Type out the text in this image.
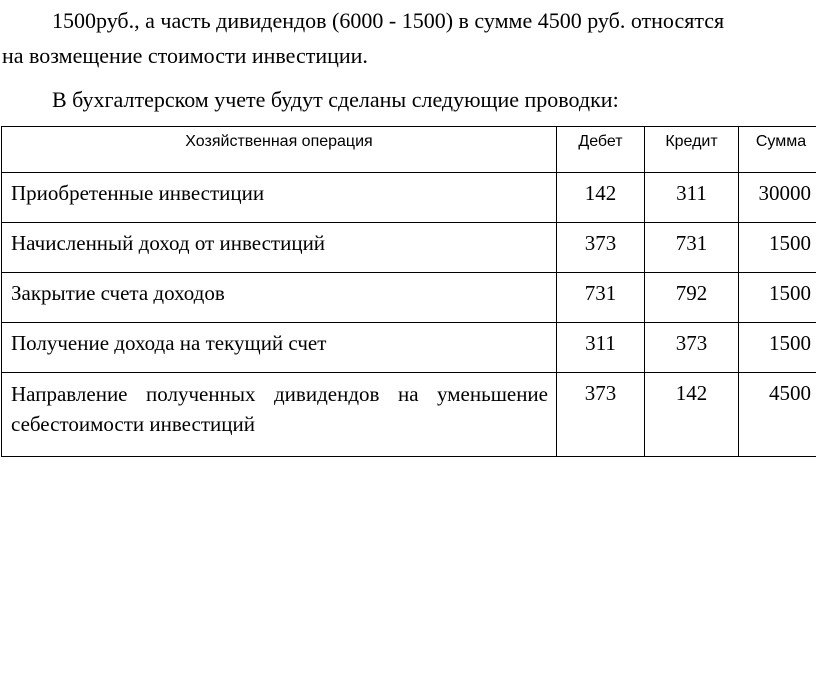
1500руб., а часть дивидендов (6000 - 1500) в сумме 4500 руб. относятся
на возмещение стоимости инвестиции.
В бухгалтерском учете будут сделаны следующие проводки:
Хозяйственная операция	Дебет	Кредит	Сумма
Приобретенные инвестиции	142	311	30000
Начисленный доход от инвестиций	373	731	1500
Закрытие счета доходов	731	792	1500
Получение дохода на текущий счет	311	373	1500
Направление полученных дивидендов на уменьшение себестоимости инвестиций	373	142	4500
